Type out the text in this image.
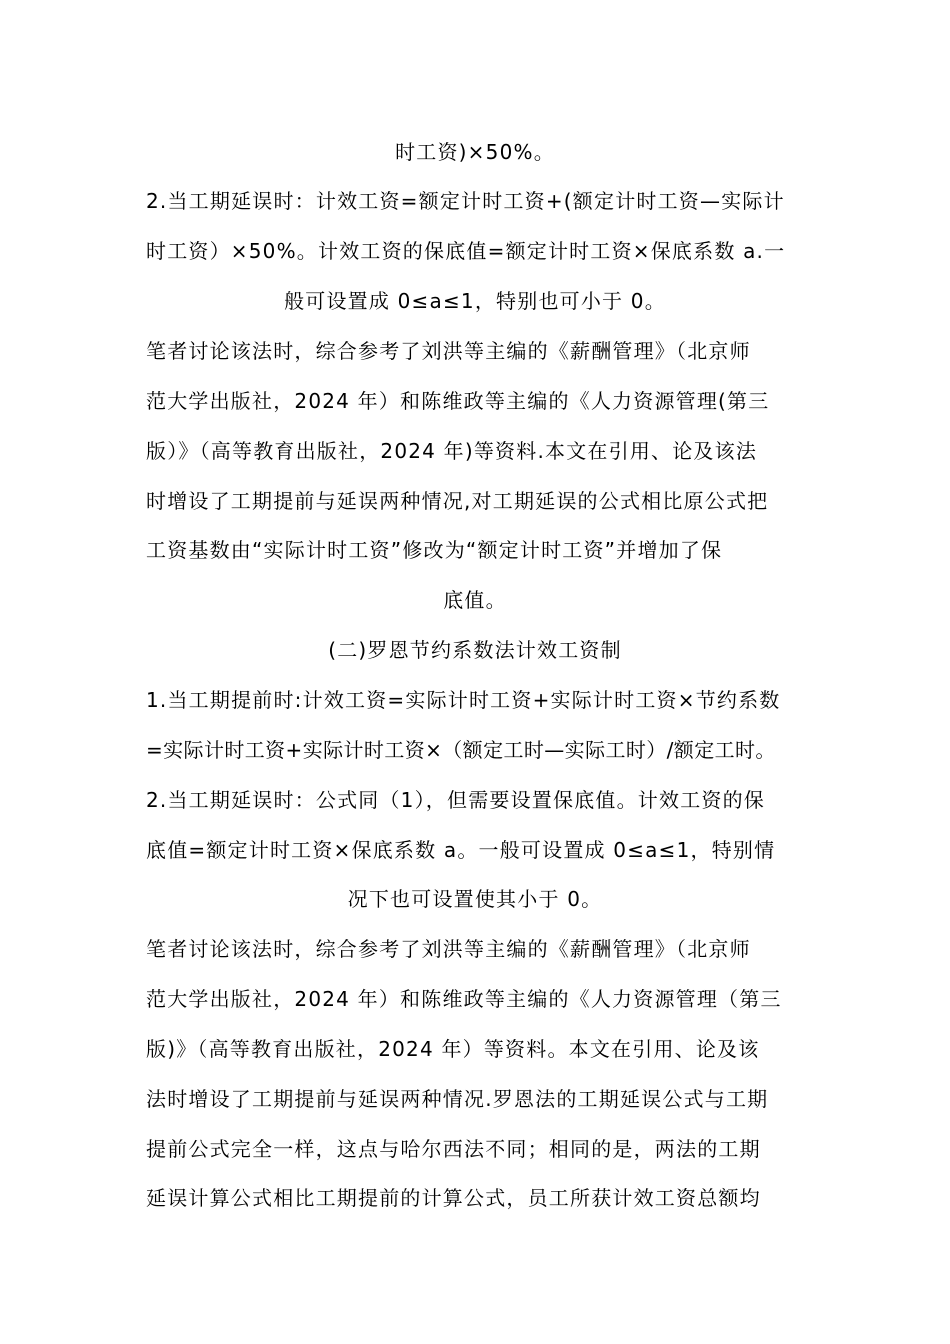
时工资)×50%。
2.当工期延误时：计效工资=额定计时工资+(额定计时工资—实际计
时工资）×50%。计效工资的保底值=额定计时工资×保底系数 a.一
般可设置成 0≤a≤1，特别也可小于 0。
笔者讨论该法时，综合参考了刘洪等主编的《薪酬管理》（北京师
范大学出版社，2024 年）和陈维政等主编的《人力资源管理(第三
版）》（高等教育出版社，2024 年)等资料.本文在引用、论及该法
时增设了工期提前与延误两种情况,对工期延误的公式相比原公式把
工资基数由“实际计时工资”修改为“额定计时工资”并增加了保
底值。
(二)罗恩节约系数法计效工资制
1.当工期提前时:计效工资=实际计时工资+实际计时工资×节约系数
=实际计时工资+实际计时工资×（额定工时—实际工时）/额定工时。
2.当工期延误时：公式同（1），但需要设置保底值。计效工资的保
底值=额定计时工资×保底系数 a。一般可设置成 0≤a≤1，特别情
况下也可设置使其小于 0。
笔者讨论该法时，综合参考了刘洪等主编的《薪酬管理》（北京师
范大学出版社，2024 年）和陈维政等主编的《人力资源管理（第三
版)》（高等教育出版社，2024 年）等资料。本文在引用、论及该
法时增设了工期提前与延误两种情况.罗恩法的工期延误公式与工期
提前公式完全一样，这点与哈尔西法不同；相同的是，两法的工期
延误计算公式相比工期提前的计算公式，员工所获计效工资总额均
